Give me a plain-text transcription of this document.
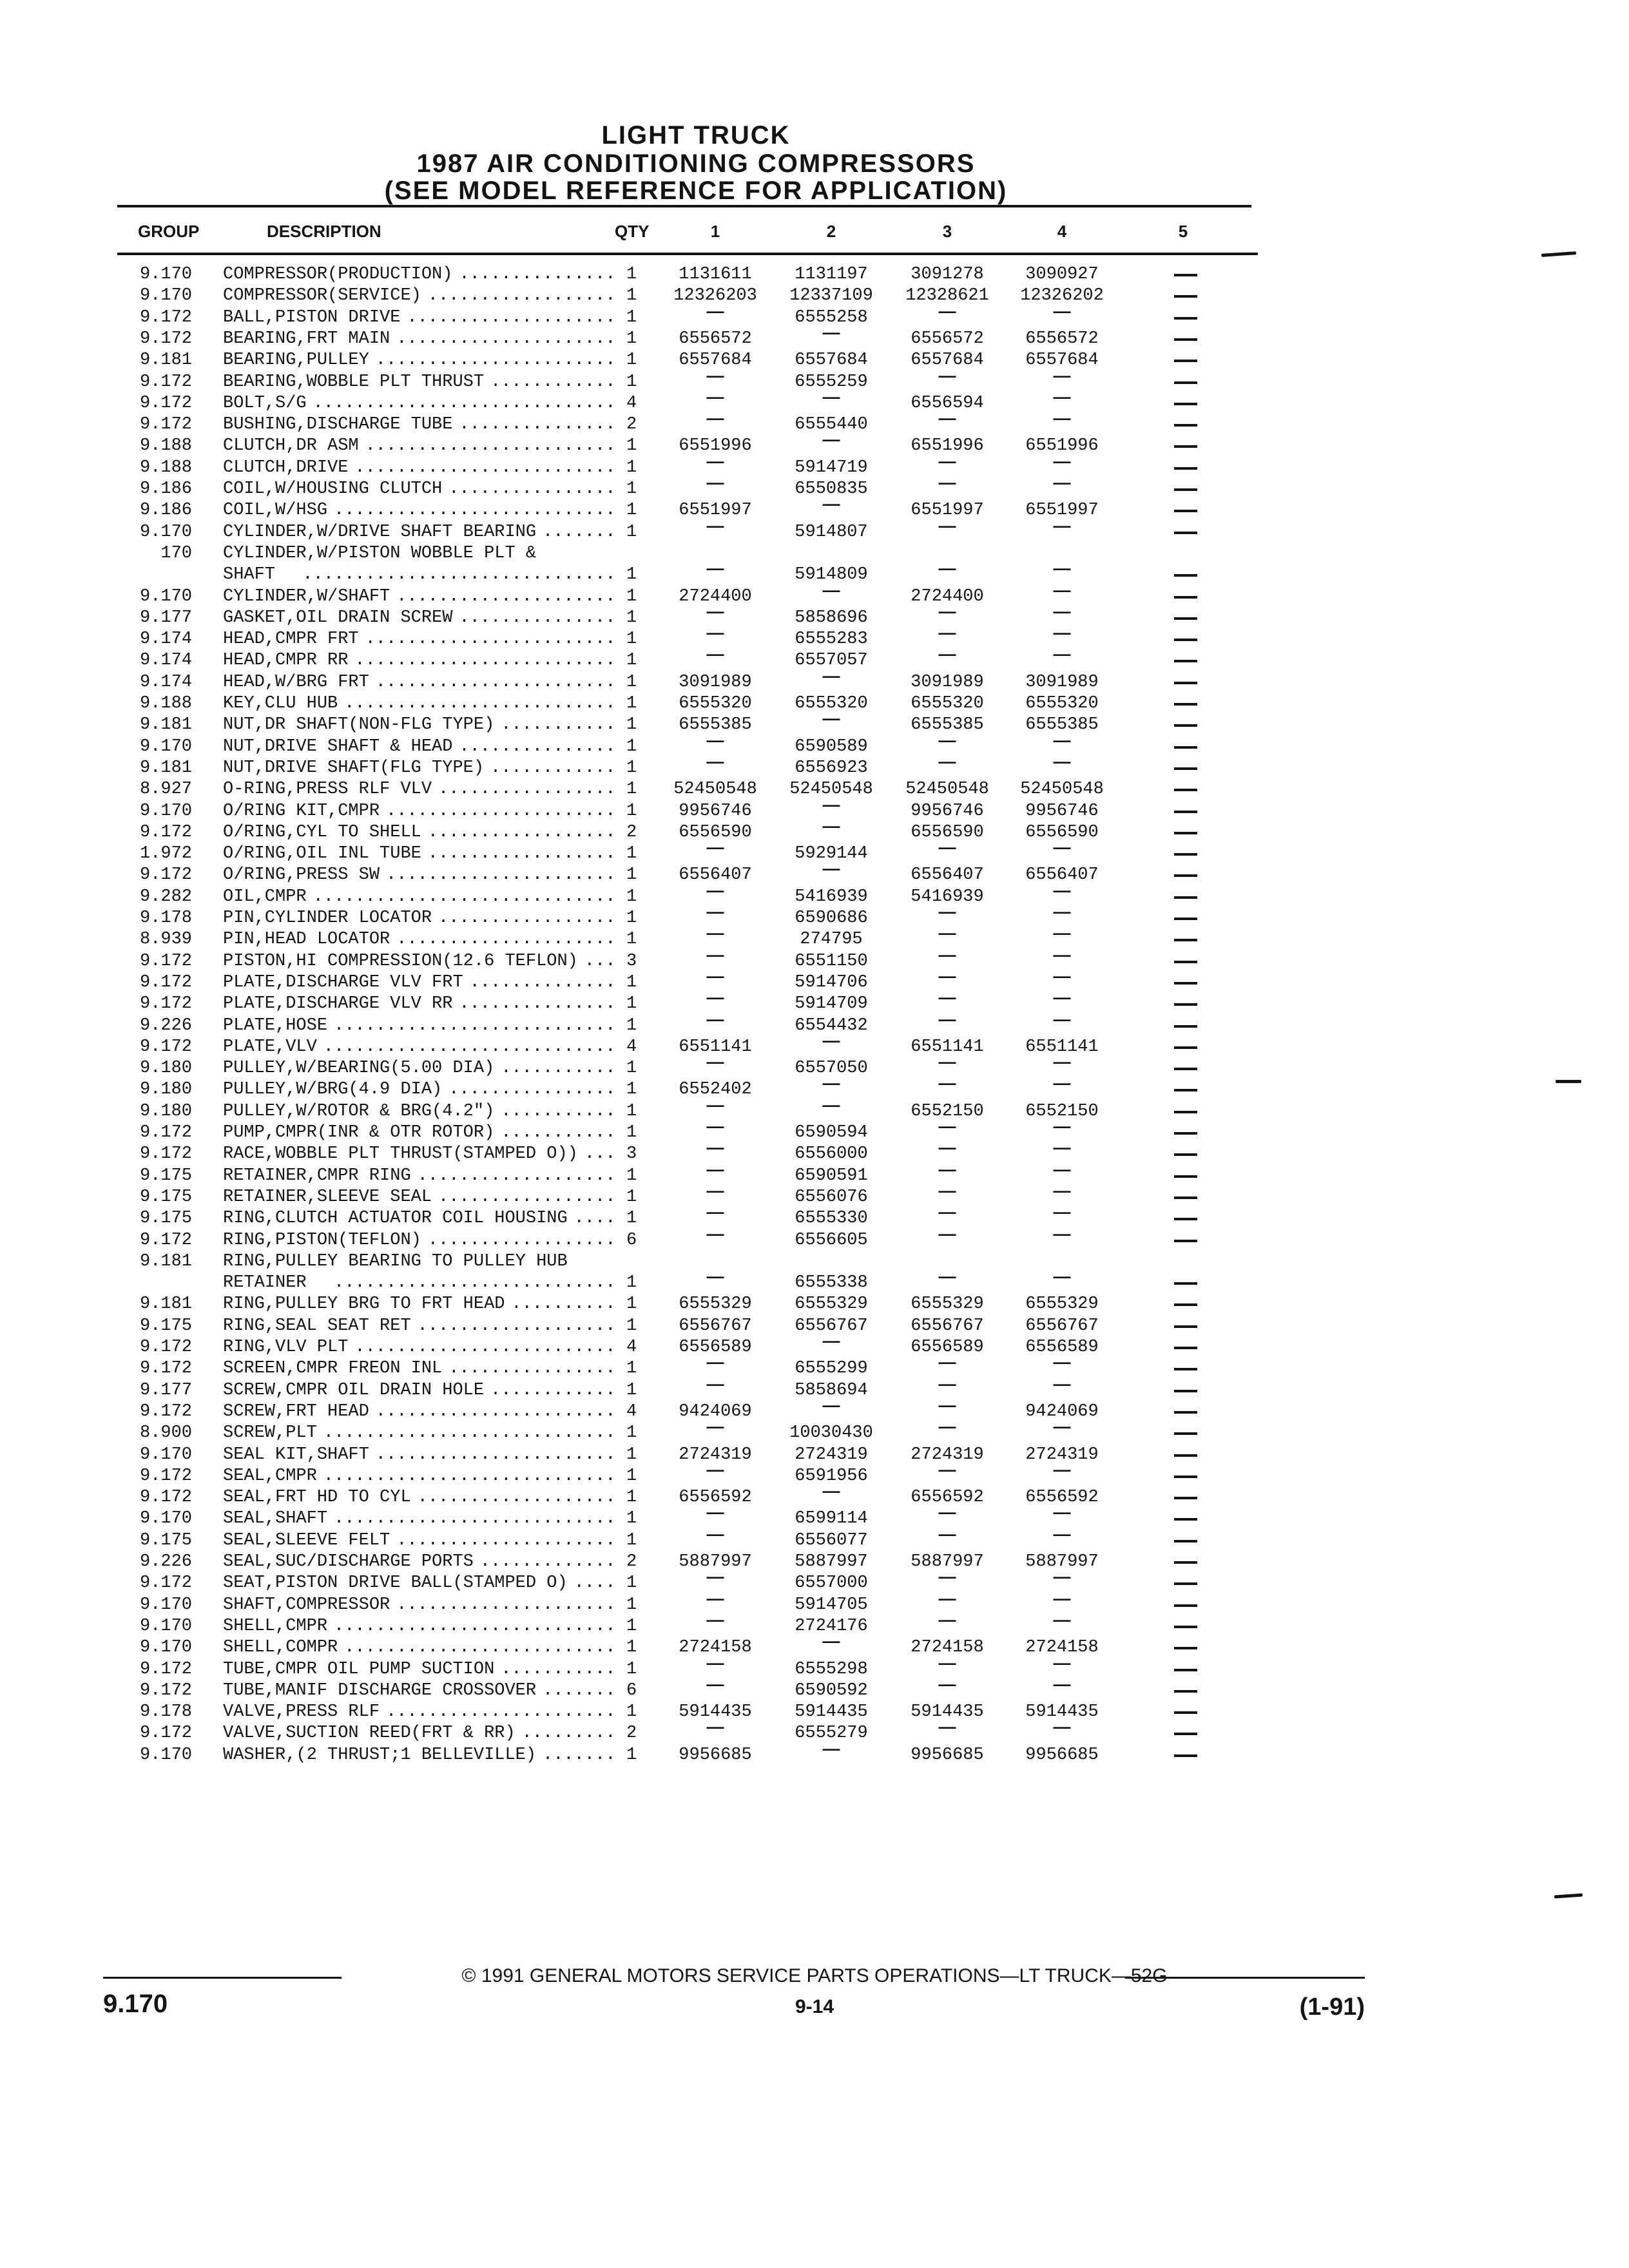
LIGHT TRUCK
1987 AIR CONDITIONING COMPRESSORS
(SEE MODEL REFERENCE FOR APPLICATION)
GROUP	DESCRIPTION	QTY	1	2	3	4	5
9.170 COMPRESSOR(PRODUCTION) ............... 1 1131611 1131197 3091278 3090927
9.170 COMPRESSOR(SERVICE) .................. 1 12326203 12337109 12328621 12326202
9.172 BALL,PISTON DRIVE .................... 1	—	6555258	—	—
9.172 BEARING,FRT MAIN ..................... 1 6556572	—	6556572 6556572
9.181 BEARING,PULLEY ....................... 1 6557684 6557684 6557684 6557684
9.172 BEARING,WOBBLE PLT THRUST ............ 1	—	6555259	—	—
9.172 BOLT,S/G ............................. 4	—	—	6556594	—
9.172 BUSHING,DISCHARGE TUBE ............... 2	—	6555440	—	—
9.188 CLUTCH,DR ASM ........................ 1 6551996	—	6551996 6551996
9.188 CLUTCH,DRIVE ......................... 1	—	5914719	—	—
9.186 COIL,W/HOUSING CLUTCH ................ 1	—	6550835	—	—
9.186 COIL,W/HSG ........................... 1 6551997	—	6551997 6551997
9.170 CYLINDER,W/DRIVE SHAFT BEARING ....... 1	—	5914807	—	—
170 CYLINDER,W/PISTON WOBBLE PLT &
SHAFT .............................. 1	—	5914809	—	—
9.170 CYLINDER,W/SHAFT ..................... 1 2724400	—	2724400	—
9.177 GASKET,OIL DRAIN SCREW ............... 1	—	5858696	—	—
9.174 HEAD,CMPR FRT ........................ 1	—	6555283	—	—
9.174 HEAD,CMPR RR ......................... 1	—	6557057	—	—
9.174 HEAD,W/BRG FRT ....................... 1 3091989	—	3091989 3091989
9.188 KEY,CLU HUB .......................... 1 6555320 6555320 6555320 6555320
9.181 NUT,DR SHAFT(NON-FLG TYPE) ........... 1 6555385	—	6555385 6555385
9.170 NUT,DRIVE SHAFT & HEAD ............... 1	—	6590589	—	—
9.181 NUT,DRIVE SHAFT(FLG TYPE) ............ 1	—	6556923	—	—
8.927 O-RING,PRESS RLF VLV ................. 1 52450548 52450548 52450548 52450548
9.170 O/RING KIT,CMPR ...................... 1 9956746	—	9956746 9956746
9.172 O/RING,CYL TO SHELL .................. 2 6556590	—	6556590 6556590
1.972 O/RING,OIL INL TUBE .................. 1	—	5929144	—	—
9.172 O/RING,PRESS SW ...................... 1 6556407	—	6556407 6556407
9.282 OIL,CMPR ............................. 1	—	5416939 5416939	—
9.178 PIN,CYLINDER LOCATOR ................. 1	—	6590686	—	—
8.939 PIN,HEAD LOCATOR ..................... 1	—	274795	—	—
9.172 PISTON,HI COMPRESSION(12.6 TEFLON) ... 3	—	6551150	—	—
9.172 PLATE,DISCHARGE VLV FRT .............. 1	—	5914706	—	—
9.172 PLATE,DISCHARGE VLV RR ............... 1	—	5914709	—	—
9.226 PLATE,HOSE ........................... 1	—	6554432	—	—
9.172 PLATE,VLV ............................ 4 6551141	—	6551141 6551141
9.180 PULLEY,W/BEARING(5.00 DIA) ........... 1	—	6557050	—	—
9.180 PULLEY,W/BRG(4.9 DIA) ................ 1 6552402	—	—	—
9.180 PULLEY,W/ROTOR & BRG(4.2") ........... 1	—	—	6552150 6552150
9.172 PUMP,CMPR(INR & OTR ROTOR) ........... 1	—	6590594	—	—
9.172 RACE,WOBBLE PLT THRUST(STAMPED O)) ... 3	—	6556000	—	—
9.175 RETAINER,CMPR RING ................... 1	—	6590591	—	—
9.175 RETAINER,SLEEVE SEAL ................. 1	—	6556076	—	—
9.175 RING,CLUTCH ACTUATOR COIL HOUSING .... 1	—	6555330	—	—
9.172 RING,PISTON(TEFLON) .................. 6	—	6556605	—	—
9.181 RING,PULLEY BEARING TO PULLEY HUB
RETAINER ........................... 1	—	6555338	—	—
9.181 RING,PULLEY BRG TO FRT HEAD .......... 1 6555329 6555329 6555329 6555329
9.175 RING,SEAL SEAT RET ................... 1 6556767 6556767 6556767 6556767
9.172 RING,VLV PLT ......................... 4 6556589	—	6556589 6556589
9.172 SCREEN,CMPR FREON INL ................ 1	—	6555299	—	—
9.177 SCREW,CMPR OIL DRAIN HOLE ............ 1	—	5858694	—	—
9.172 SCREW,FRT HEAD ....................... 4 9424069	—	—	9424069
8.900 SCREW,PLT ............................ 1	—	10030430	—	—
9.170 SEAL KIT,SHAFT ....................... 1 2724319 2724319 2724319 2724319
9.172 SEAL,CMPR ............................ 1	—	6591956	—	—
9.172 SEAL,FRT HD TO CYL ................... 1 6556592	—	6556592 6556592
9.170 SEAL,SHAFT ........................... 1	—	6599114	—	—
9.175 SEAL,SLEEVE FELT ..................... 1	—	6556077	—	—
9.226 SEAL,SUC/DISCHARGE PORTS ............. 2 5887997 5887997 5887997 5887997
9.172 SEAT,PISTON DRIVE BALL(STAMPED O) .... 1	—	6557000	—	—
9.170 SHAFT,COMPRESSOR ..................... 1	—	5914705	—	—
9.170 SHELL,CMPR ........................... 1	—	2724176	—	—
9.170 SHELL,COMPR .......................... 1 2724158	—	2724158 2724158
9.172 TUBE,CMPR OIL PUMP SUCTION ........... 1	—	6555298	—	—
9.172 TUBE,MANIF DISCHARGE CROSSOVER ....... 6	—	6590592	—	—
9.178 VALVE,PRESS RLF ...................... 1 5914435 5914435 5914435 5914435
9.172 VALVE,SUCTION REED(FRT & RR) ......... 2	—	6555279	—	—
9.170 WASHER,(2 THRUST;1 BELLEVILLE) ....... 1 9956685	—	9956685 9956685
© 1991 GENERAL MOTORS SERVICE PARTS OPERATIONS—LT TRUCK—52G
9-14
9.170	(1-91)
